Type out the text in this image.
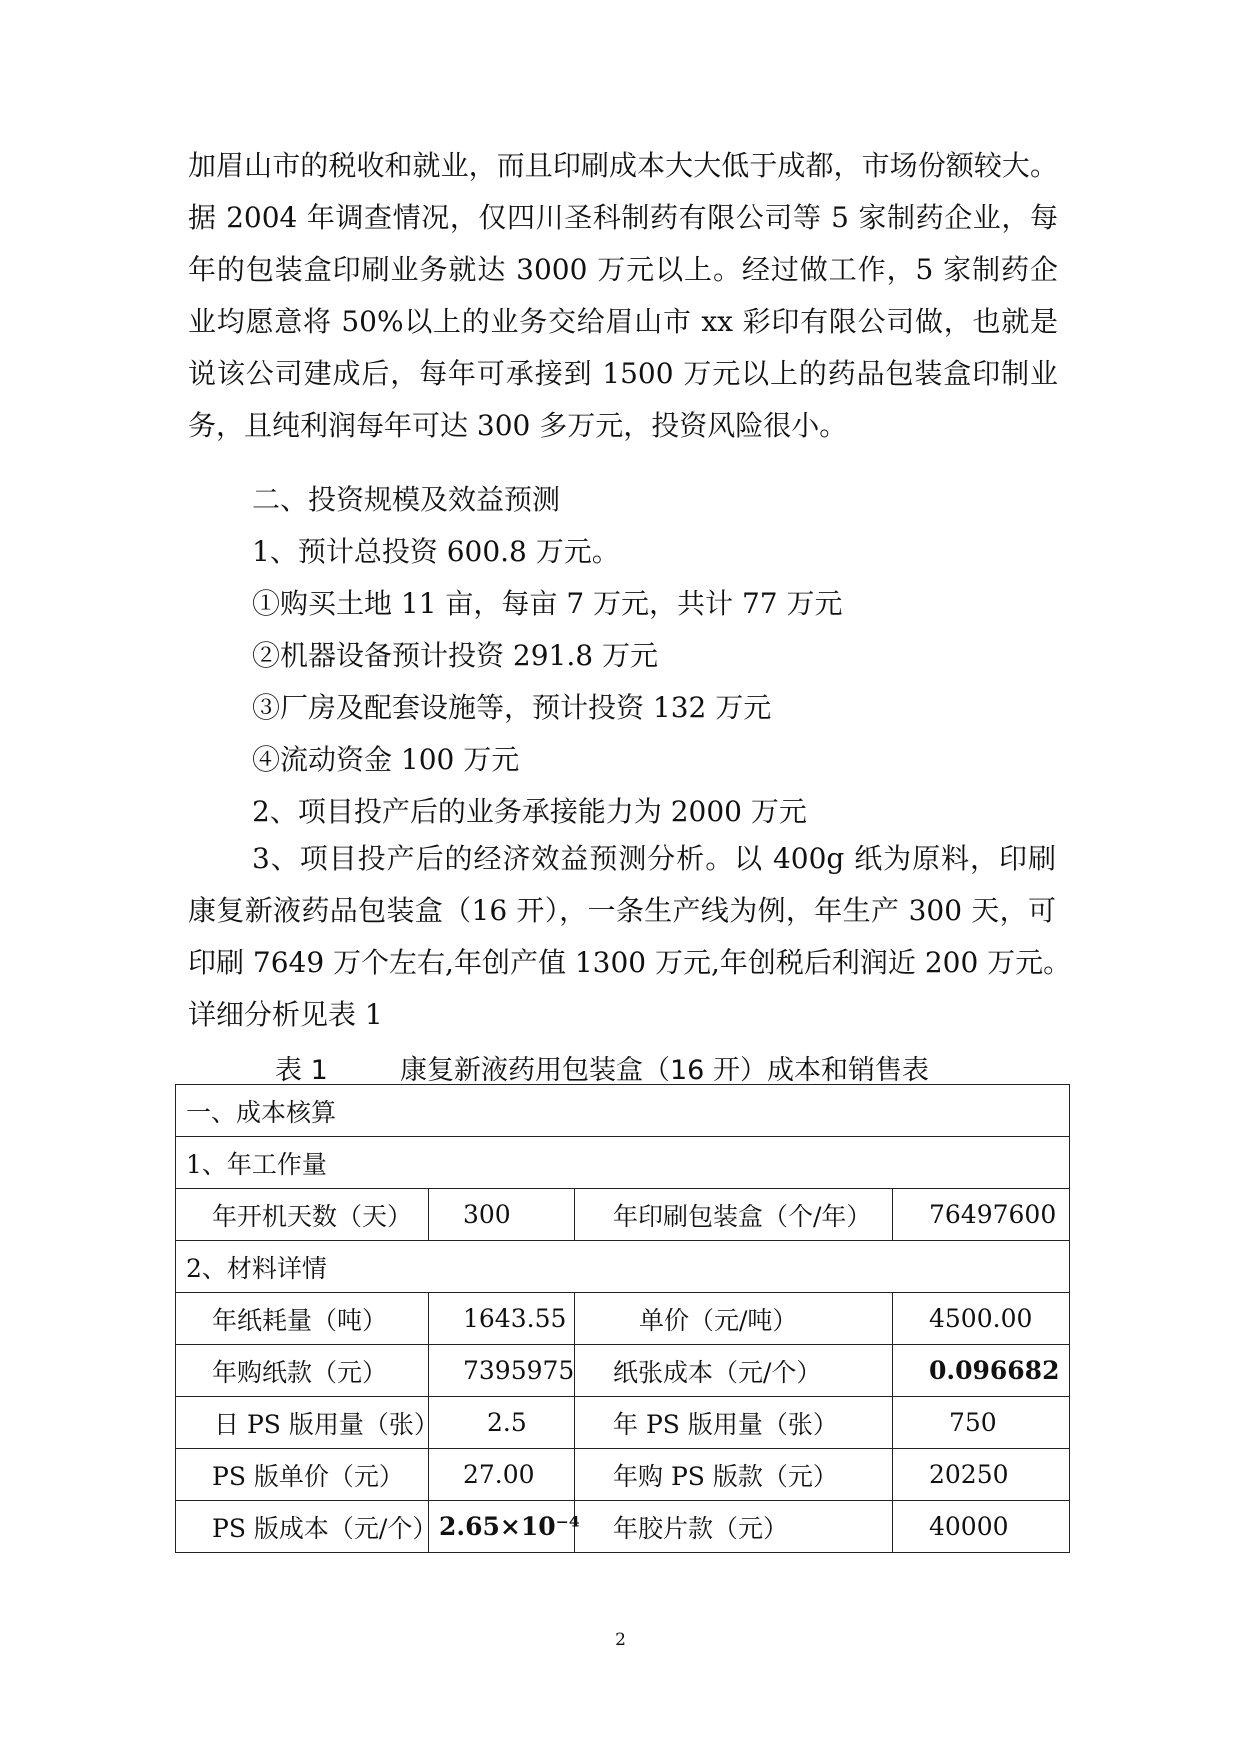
加眉山市的税收和就业，而且印刷成本大大低于成都，市场份额较大。
据 2004 年调查情况，仅四川圣科制药有限公司等 5 家制药企业，每
年的包装盒印刷业务就达 3000 万元以上。经过做工作，5 家制药企
业均愿意将 50%以上的业务交给眉山市 xx 彩印有限公司做，也就是
说该公司建成后，每年可承接到 1500 万元以上的药品包装盒印制业
务，且纯利润每年可达 300 多万元，投资风险很小。
二、投资规模及效益预测
1、预计总投资 600.8 万元。
①购买土地 11 亩，每亩 7 万元，共计 77 万元
②机器设备预计投资 291.8 万元
③厂房及配套设施等，预计投资 132 万元
④流动资金 100 万元
2、项目投产后的业务承接能力为 2000 万元
3、项目投产后的经济效益预测分析。以 400g 纸为原料，印刷
康复新液药品包装盒（16 开），一条生产线为例，年生产 300 天，可
印刷 7649 万个左右,年创产值 1300 万元,年创税后利润近 200 万元。
详细分析见表 1
表 1	康复新液药用包装盒（16 开）成本和销售表
一、成本核算			
1、年工作量			
年开机天数（天）	300	年印刷包装盒（个/年）	76497600
2、材料详情			
年纸耗量（吨）	1643.55	单价（元/吨）	4500.00
年购纸款（元）	7395975	纸张成本（元/个）	0.096682
日 PS 版用量（张）	2.5	年 PS 版用量（张）	750
PS 版单价（元）	27.00	年购 PS 版款（元）	20250
PS 版成本（元/个）	2.65×10⁻⁴	年胶片款（元）	40000
2
